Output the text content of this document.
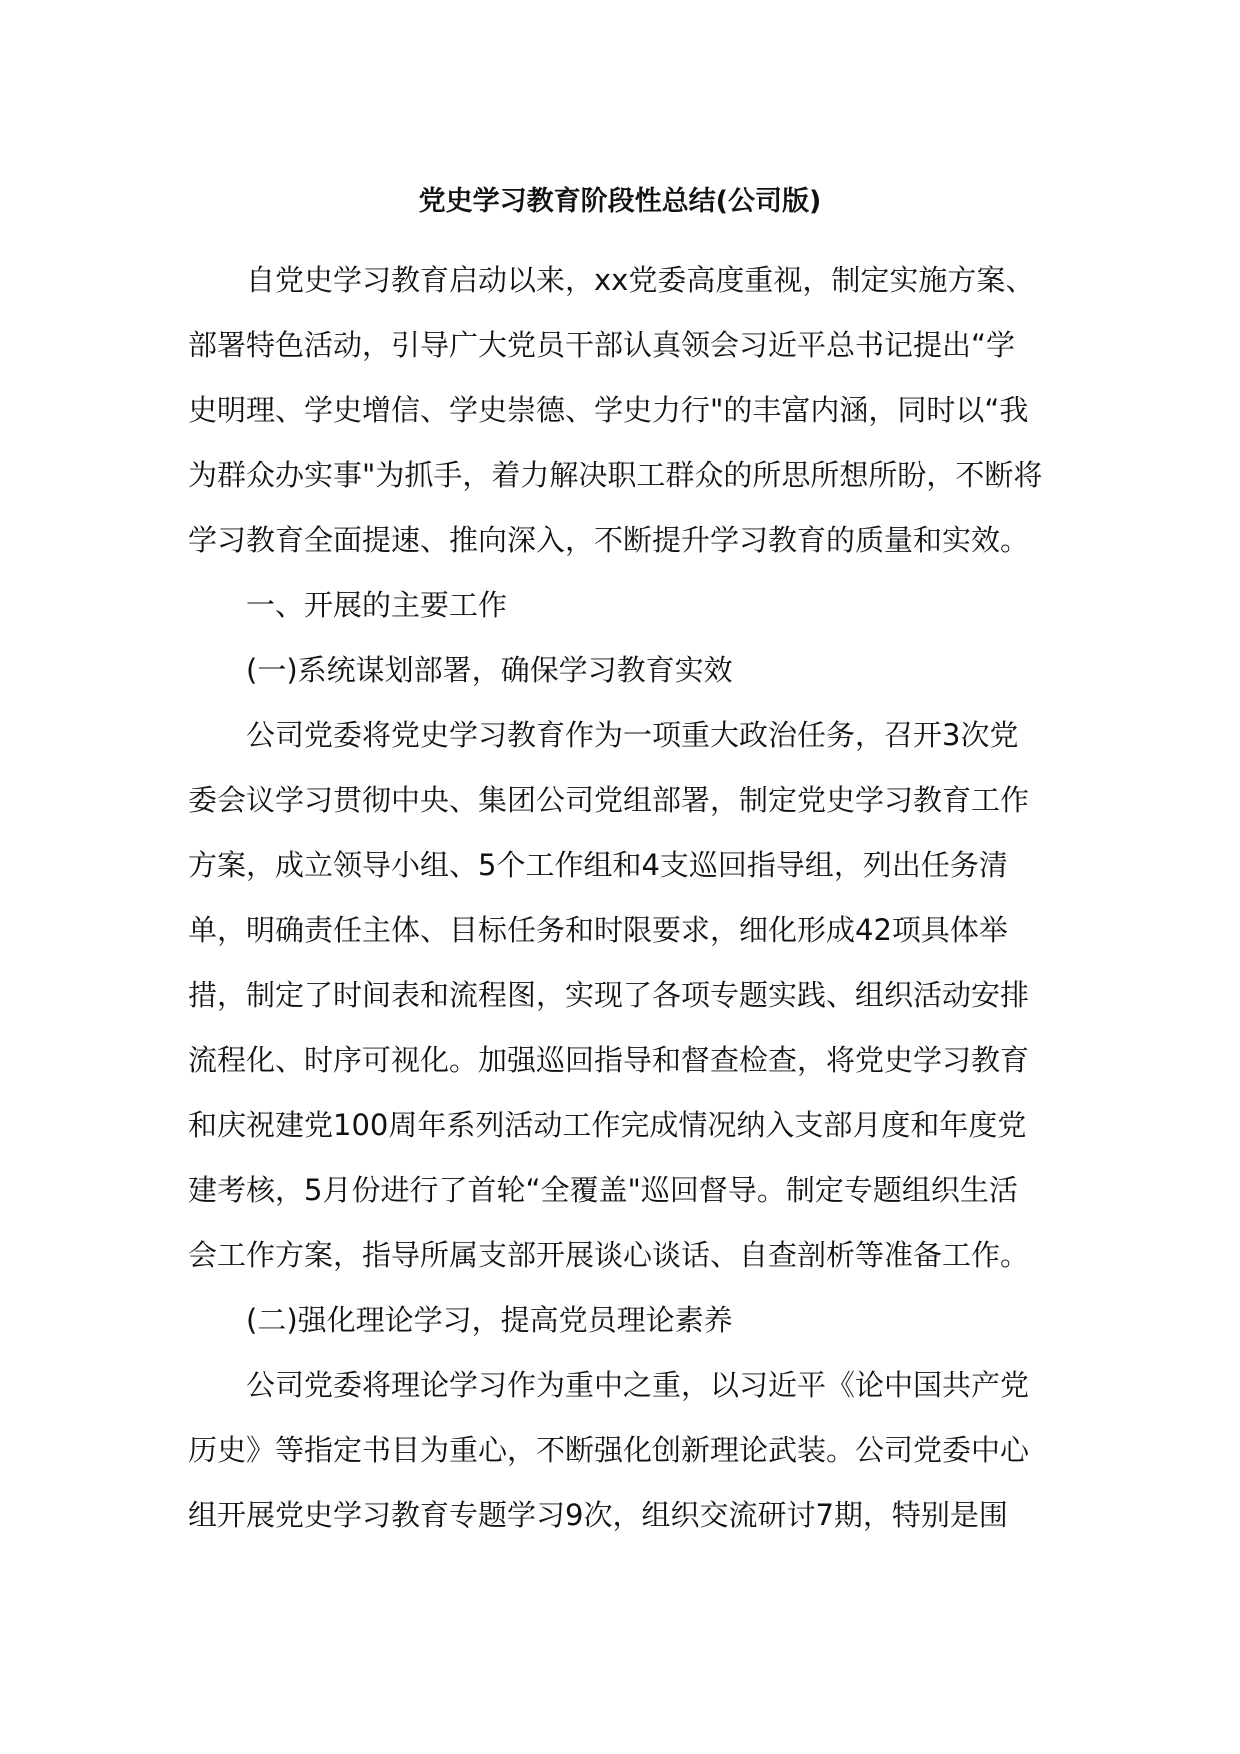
党史学习教育阶段性总结(公司版)
自党史学习教育启动以来，xx党委高度重视，制定实施方案、
部署特色活动，引导广大党员干部认真领会习近平总书记提出“学
史明理、学史增信、学史崇德、学史力行"的丰富内涵，同时以“我
为群众办实事"为抓手，着力解决职工群众的所思所想所盼，不断将
学习教育全面提速、推向深入，不断提升学习教育的质量和实效。
一、开展的主要工作
(一)系统谋划部署，确保学习教育实效
公司党委将党史学习教育作为一项重大政治任务，召开3次党
委会议学习贯彻中央、集团公司党组部署，制定党史学习教育工作
方案，成立领导小组、5个工作组和4支巡回指导组，列出任务清
单，明确责任主体、目标任务和时限要求，细化形成42项具体举
措，制定了时间表和流程图，实现了各项专题实践、组织活动安排
流程化、时序可视化。加强巡回指导和督查检查，将党史学习教育
和庆祝建党100周年系列活动工作完成情况纳入支部月度和年度党
建考核，5月份进行了首轮“全覆盖"巡回督导。制定专题组织生活
会工作方案，指导所属支部开展谈心谈话、自查剖析等准备工作。
(二)强化理论学习，提高党员理论素养
公司党委将理论学习作为重中之重，以习近平《论中国共产党
历史》等指定书目为重心，不断强化创新理论武装。公司党委中心
组开展党史学习教育专题学习9次，组织交流研讨7期，特别是围
